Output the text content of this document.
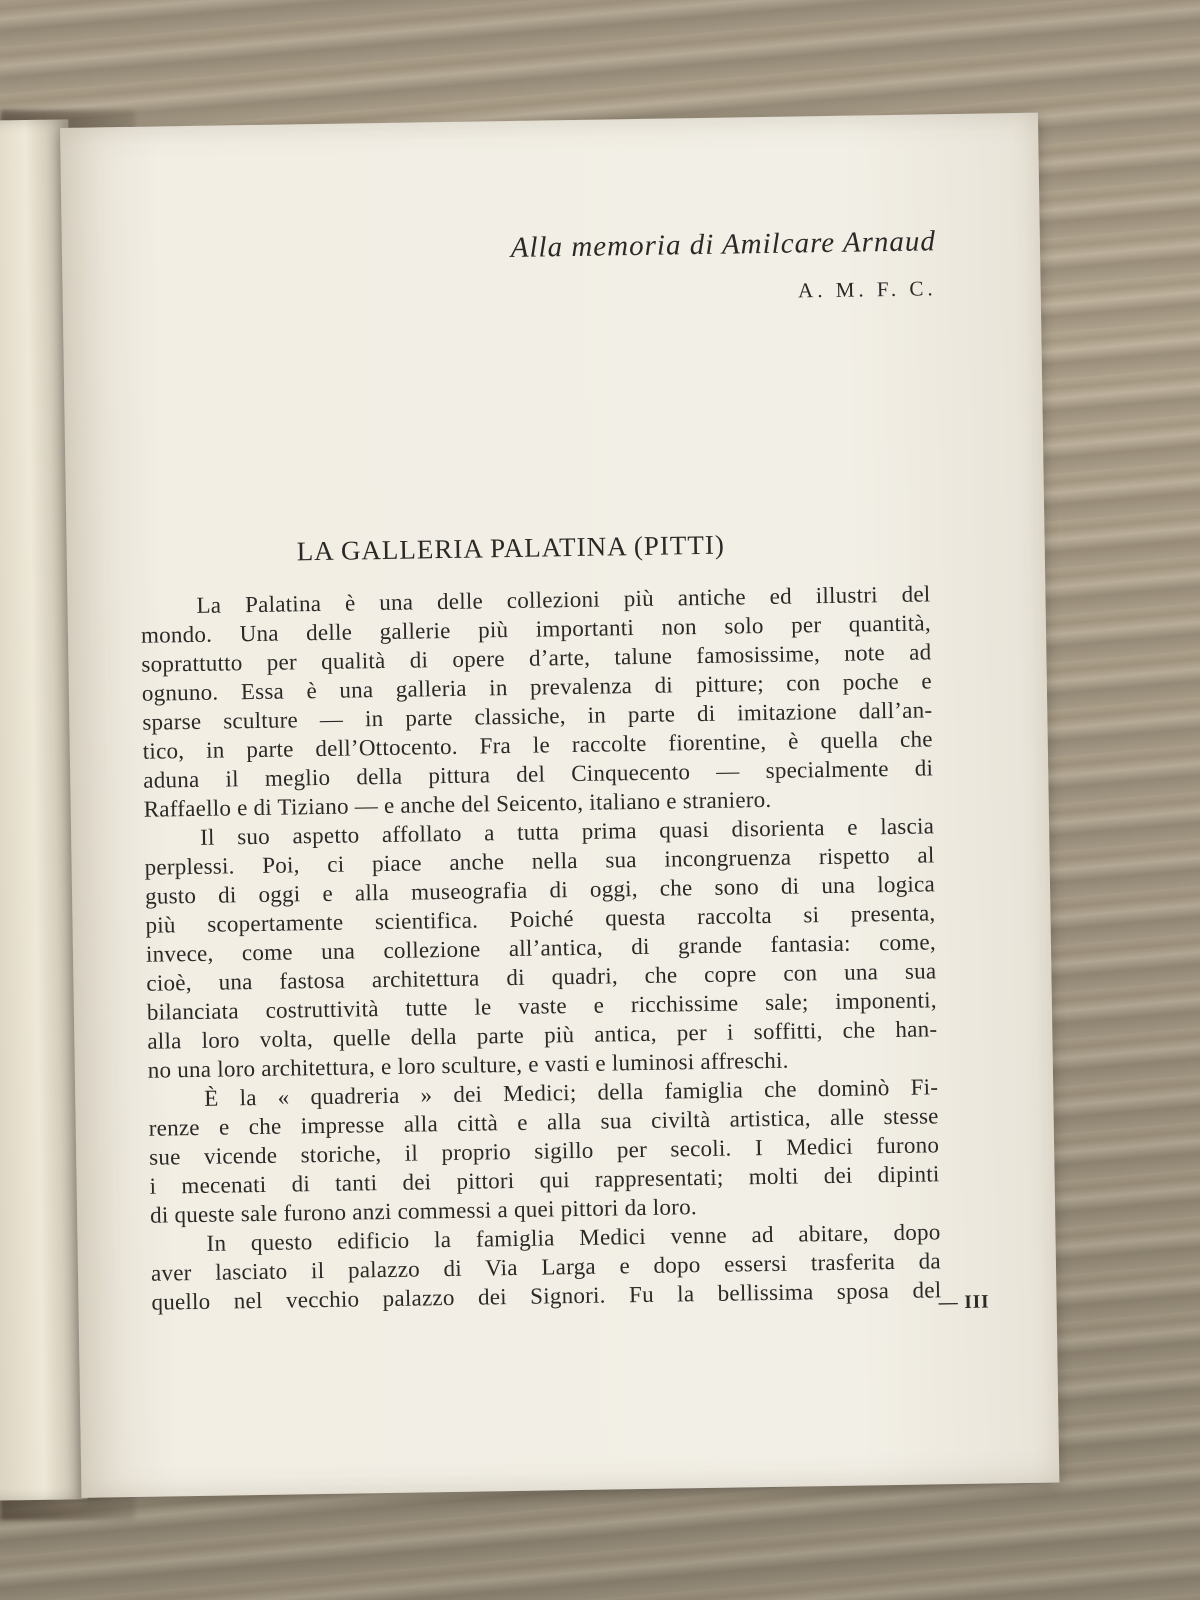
Alla memoria di Amilcare Arnaud
A. M. F. C.
LA GALLERIA PALATINA (PITTI)
La Palatina è una delle collezioni più antiche ed illustri del
mondo. Una delle gallerie più importanti non solo per quantità,
soprattutto per qualità di opere d’arte, talune famosissime, note ad
ognuno. Essa è una galleria in prevalenza di pitture; con poche e
sparse sculture — in parte classiche, in parte di imitazione dall’an-
tico, in parte dell’Ottocento. Fra le raccolte fiorentine, è quella che
aduna il meglio della pittura del Cinquecento — specialmente di
Raffaello e di Tiziano — e anche del Seicento, italiano e straniero.
Il suo aspetto affollato a tutta prima quasi disorienta e lascia
perplessi. Poi, ci piace anche nella sua incongruenza rispetto al
gusto di oggi e alla museografia di oggi, che sono di una logica
più scopertamente scientifica. Poiché questa raccolta si presenta,
invece, come una collezione all’antica, di grande fantasia: come,
cioè, una fastosa architettura di quadri, che copre con una sua
bilanciata costruttività tutte le vaste e ricchissime sale; imponenti,
alla loro volta, quelle della parte più antica, per i soffitti, che han-
no una loro architettura, e loro sculture, e vasti e luminosi affreschi.
È la « quadreria » dei Medici; della famiglia che dominò Fi-
renze e che impresse alla città e alla sua civiltà artistica, alle stesse
sue vicende storiche, il proprio sigillo per secoli. I Medici furono
i mecenati di tanti dei pittori qui rappresentati; molti dei dipinti
di queste sale furono anzi commessi a quei pittori da loro.
In questo edificio la famiglia Medici venne ad abitare, dopo
aver lasciato il palazzo di Via Larga e dopo essersi trasferita da
quello nel vecchio palazzo dei Signori. Fu la bellissima sposa del
— III
